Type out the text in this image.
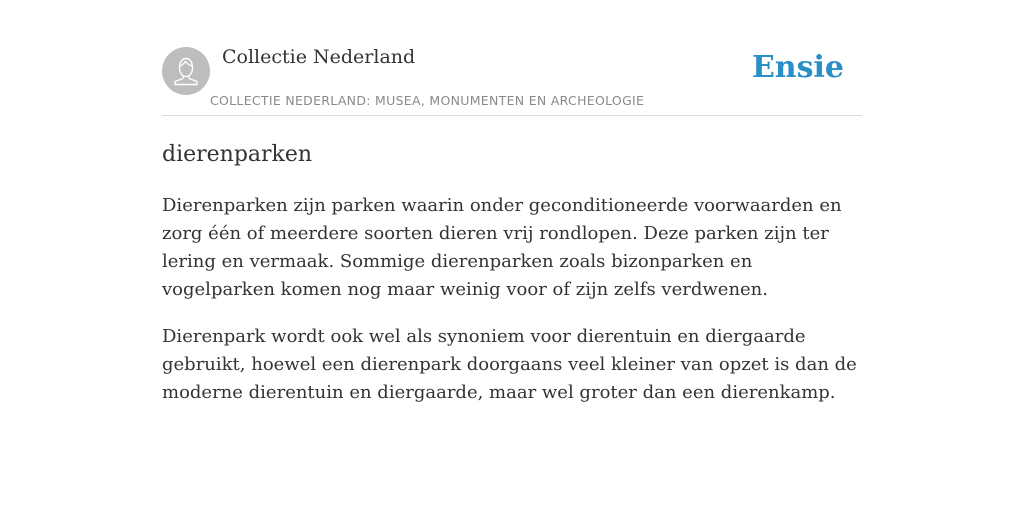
Collectie Nederland
COLLECTIE NEDERLAND: MUSEA, MONUMENTEN EN ARCHEOLOGIE
Ensie
dierenparken

Dierenparken zijn parken waarin onder geconditioneerde voorwaarden en zorg één of meerdere soorten dieren vrij rondlopen. Deze parken zijn ter lering en vermaak. Sommige dierenparken zoals bizonparken en vogelparken komen nog maar weinig voor of zijn zelfs verdwenen.

Dierenpark wordt ook wel als synoniem voor dierentuin en diergaarde gebruikt, hoewel een dierenpark doorgaans veel kleiner van opzet is dan de moderne dierentuin en diergaarde, maar wel groter dan een dierenkamp.
